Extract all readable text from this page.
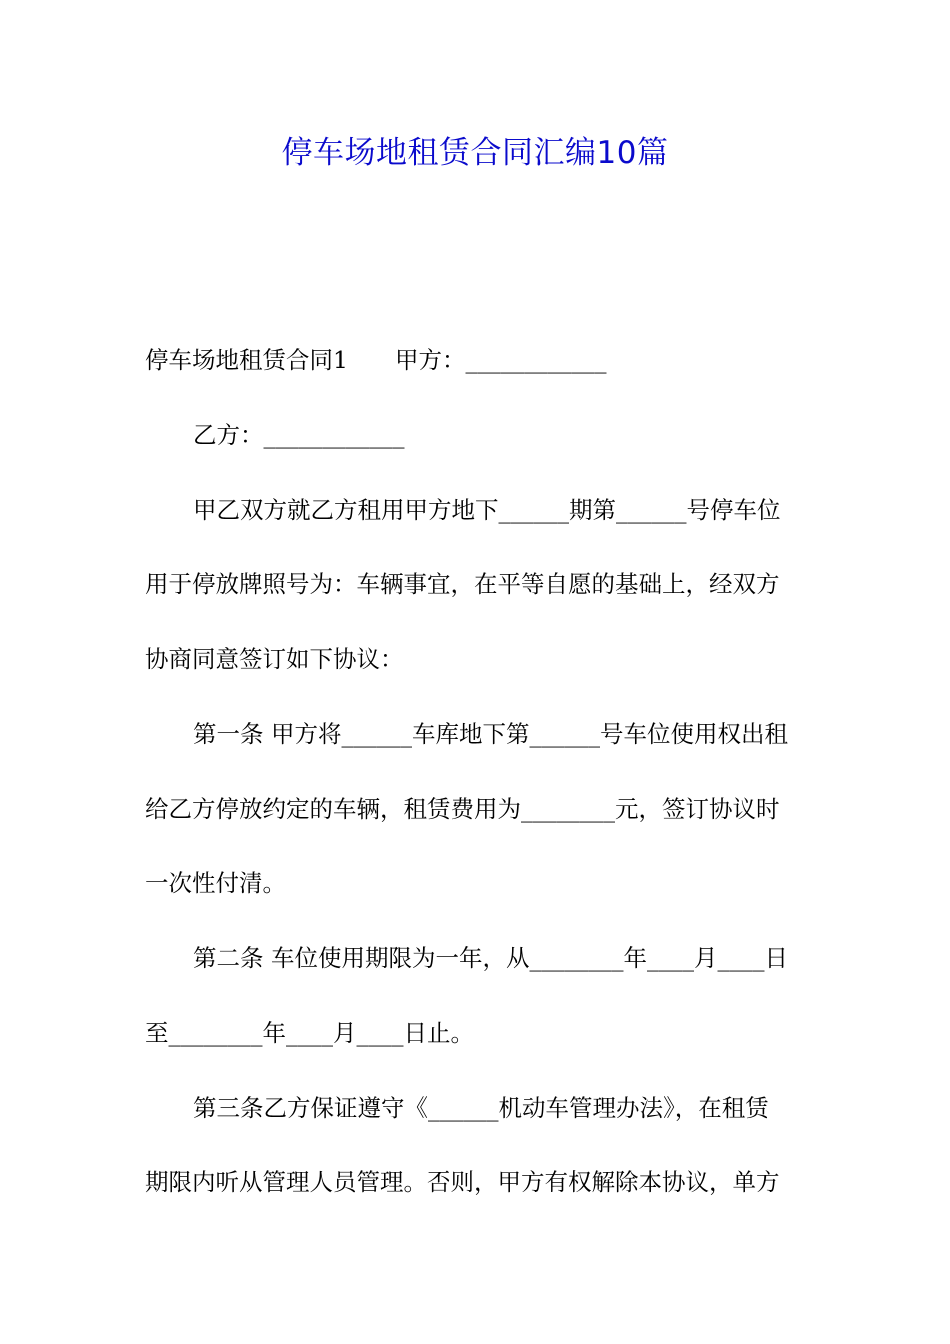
停车场地租赁合同汇编10篇
停车场地租赁合同1　　甲方：____________
乙方：____________
甲乙双方就乙方租用甲方地下______期第______号停车位
用于停放牌照号为：车辆事宜，在平等自愿的基础上，经双方
协商同意签订如下协议：
第一条 甲方将______车库地下第______号车位使用权出租
给乙方停放约定的车辆，租赁费用为________元，签订协议时
一次性付清。
第二条 车位使用期限为一年，从________年____月____日
至________年____月____日止。
第三条乙方保证遵守《______机动车管理办法》，在租赁
期限内听从管理人员管理。否则，甲方有权解除本协议，单方
